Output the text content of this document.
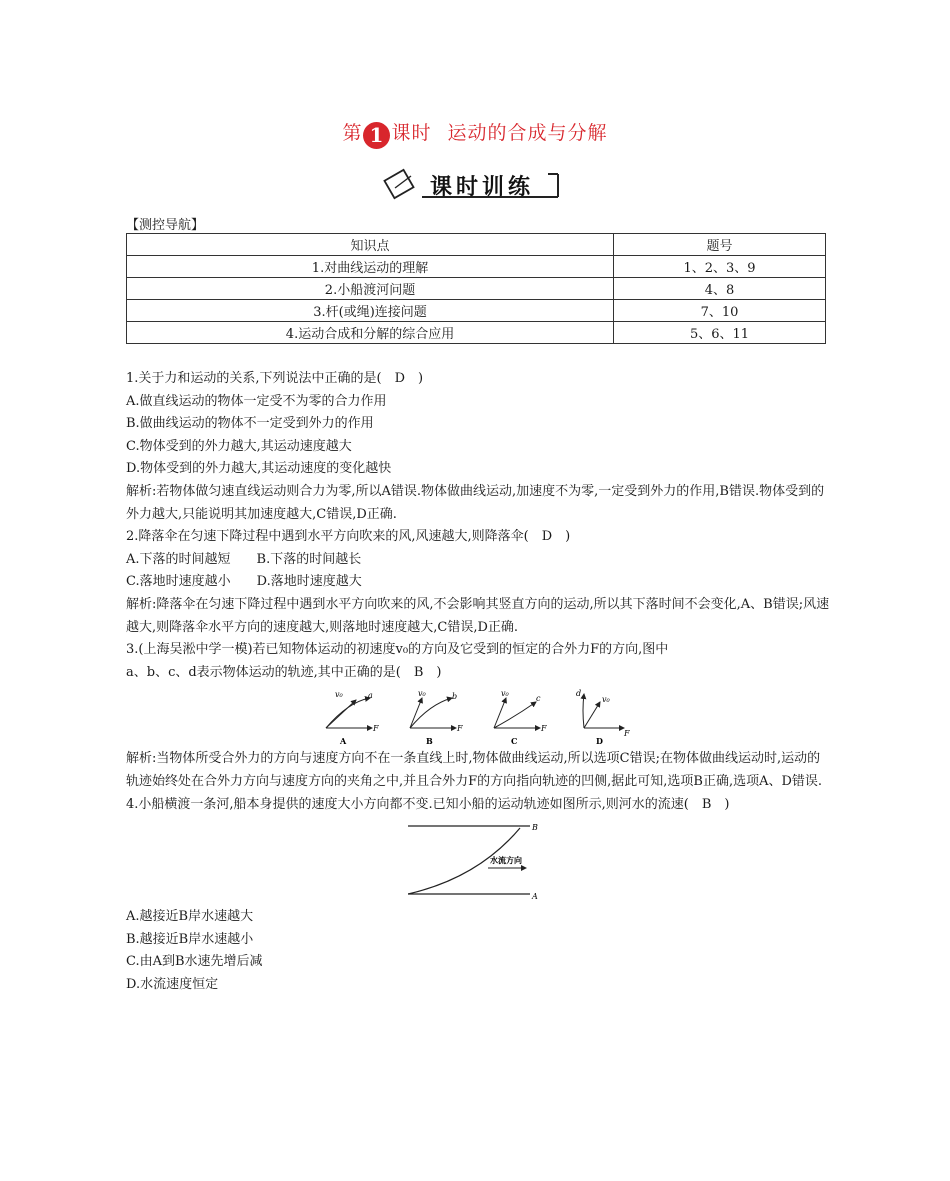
第 1 课时 运动的合成与分解
课时训练
【测控导航】
知识点	题号
1.对曲线运动的理解	1、2、3、9
2.小船渡河问题	4、8
3.杆(或绳)连接问题	7、10
4.运动合成和分解的综合应用	5、6、11

1.关于力和运动的关系,下列说法中正确的是(　D　)

A.做直线运动的物体一定受不为零的合力作用

B.做曲线运动的物体不一定受到外力的作用

C.物体受到的外力越大,其运动速度越大

D.物体受到的外力越大,其运动速度的变化越快

解析:若物体做匀速直线运动则合力为零,所以A错误.物体做曲线运动,加速度不为零,一定受到外力的作用,B错误.物体受到的外力越大,只能说明其加速度越大,C错误,D正确.

2.降落伞在匀速下降过程中遇到水平方向吹来的风,风速越大,则降落伞(　D　)

A.下落的时间越短　　B.下落的时间越长

C.落地时速度越小　　D.落地时速度越大

解析:降落伞在匀速下降过程中遇到水平方向吹来的风,不会影响其竖直方向的运动,所以其下落时间不会变化,A、B错误;风速越大,则降落伞水平方向的速度越大,则落地时速度越大,C错误,D正确.

3.(上海吴淞中学一模)若已知物体运动的初速度v₀的方向及它受到的恒定的合外力F的方向,图中

a、b、c、d表示物体运动的轨迹,其中正确的是(　B　)

v₀	a
F
A
v₀	b
F
B
v₀
c
F
C
d
v₀
F
D

解析:当物体所受合外力的方向与速度方向不在一条直线上时,物体做曲线运动,所以选项C错误;在物体做曲线运动时,运动的轨迹始终处在合外力方向与速度方向的夹角之中,并且合外力F的方向指向轨迹的凹侧,据此可知,选项B正确,选项A、D错误.

4.小船横渡一条河,船本身提供的速度大小方向都不变.已知小船的运动轨迹如图所示,则河水的流速(　B　)

B
A
水流方向

A.越接近B岸水速越大

B.越接近B岸水速越小

C.由A到B水速先增后减

D.水流速度恒定
